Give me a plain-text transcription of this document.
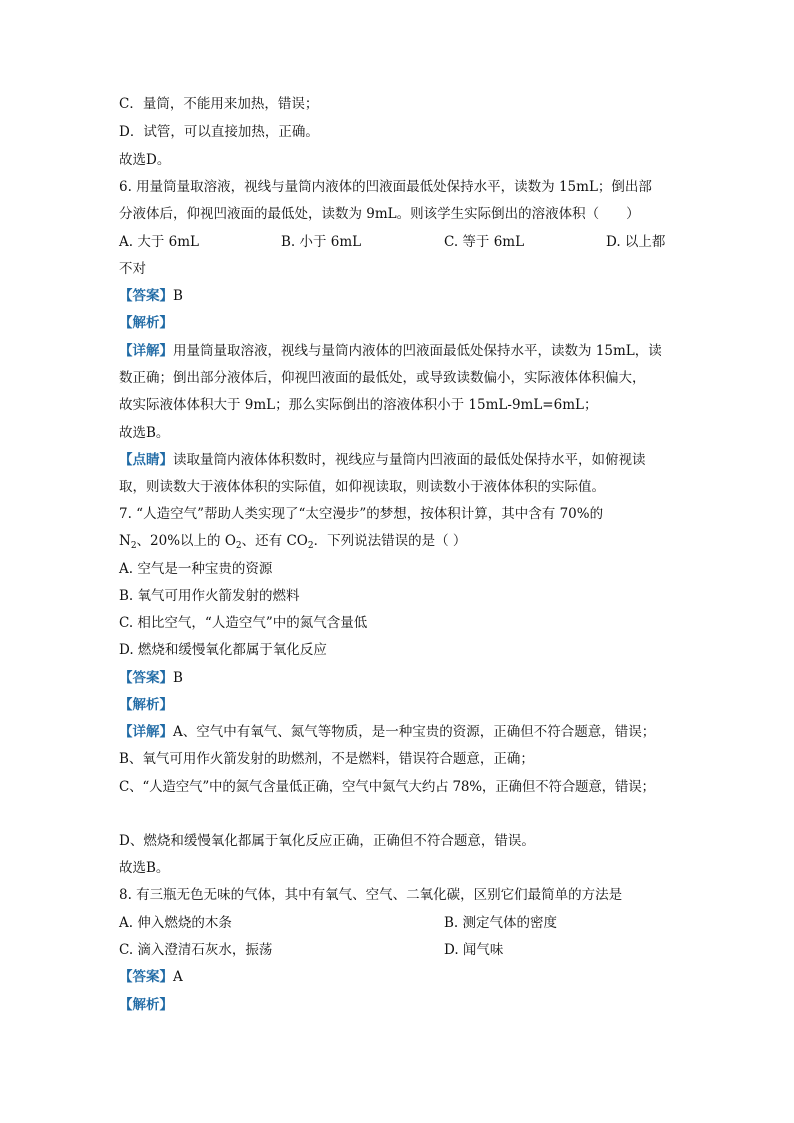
C．量筒，不能用来加热，错误；
D．试管，可以直接加热，正确。
故选D。
6. 用量筒量取溶液，视线与量筒内液体的凹液面最低处保持水平，读数为 15mL；倒出部
分液体后，仰视凹液面的最低处，读数为 9mL。则该学生实际倒出的溶液体积（　　）
A. 大于 6mL	B. 小于 6mL	C. 等于 6mL	D. 以上都
不对
【答案】B
【解析】
【详解】用量筒量取溶液，视线与量筒内液体的凹液面最低处保持水平，读数为 15mL，读
数正确；倒出部分液体后，仰视凹液面的最低处，或导致读数偏小，实际液体体积偏大，
故实际液体体积大于 9mL；那么实际倒出的溶液体积小于 15mL-9mL=6mL；
故选B。
【点睛】读取量筒内液体体积数时，视线应与量筒内凹液面的最低处保持水平，如俯视读
取，则读数大于液体体积的实际值，如仰视读取，则读数小于液体体积的实际值。
7. “人造空气”帮助人类实现了“太空漫步”的梦想，按体积计算，其中含有 70%的
$N_2$、20%以上的 $O_2$、还有 $CO_2$．下列说法错误的是（ ）
A. 空气是一种宝贵的资源
B. 氧气可用作火箭发射的燃料
C. 相比空气，“人造空气”中的氮气含量低
D. 燃烧和缓慢氧化都属于氧化反应
【答案】B
【解析】
【详解】A、空气中有氧气、氮气等物质，是一种宝贵的资源，正确但不符合题意，错误；
B、氧气可用作火箭发射的助燃剂，不是燃料，错误符合题意，正确；
C、“人造空气”中的氮气含量低正确，空气中氮气大约占 78%，正确但不符合题意，错误；
D、燃烧和缓慢氧化都属于氧化反应正确，正确但不符合题意，错误。
故选B。
8. 有三瓶无色无味的气体，其中有氧气、空气、二氧化碳，区别它们最简单的方法是
A. 伸入燃烧的木条	B. 测定气体的密度
C. 滴入澄清石灰水，振荡	D. 闻气味
【答案】A
【解析】
